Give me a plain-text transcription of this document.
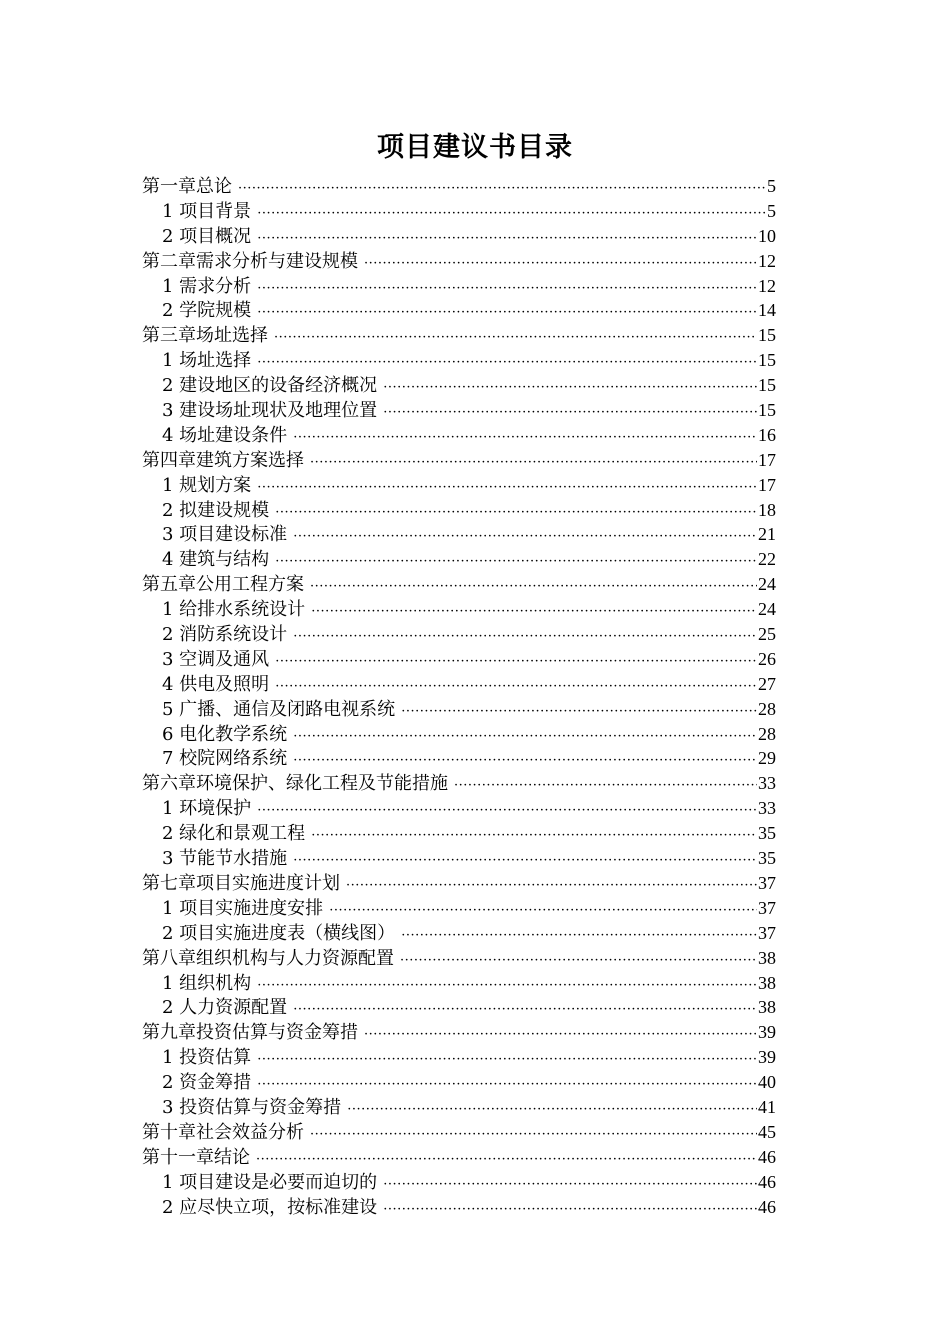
项目建议书目录
第一章总论 ·····	5
1 项目背景 ·····	5
2 项目概况 ·····	10
第二章需求分析与建设规模 ·····	12
1 需求分析 ·····	12
2 学院规模 ·····	14
第三章场址选择 ·····	15
1 场址选择 ·····	15
2 建设地区的设备经济概况 ·····	15
3 建设场址现状及地理位置 ·····	15
4 场址建设条件 ·····	16
第四章建筑方案选择 ·····	17
1 规划方案 ·····	17
2 拟建设规模 ·····	18
3 项目建设标准 ·····	21
4 建筑与结构 ·····	22
第五章公用工程方案 ·····	24
1 给排水系统设计 ·····	24
2 消防系统设计 ·····	25
3 空调及通风 ·····	26
4 供电及照明 ·····	27
5 广播、通信及闭路电视系统 ·····	28
6 电化教学系统 ·····	28
7 校院网络系统 ·····	29
第六章环境保护、绿化工程及节能措施 ·····	33
1 环境保护 ·····	33
2 绿化和景观工程 ·····	35
3 节能节水措施 ·····	35
第七章项目实施进度计划 ·····	37
1 项目实施进度安排 ·····	37
2 项目实施进度表（横线图） ·····	37
第八章组织机构与人力资源配置 ·····	38
1 组织机构 ·····	38
2 人力资源配置 ·····	38
第九章投资估算与资金筹措 ·····	39
1 投资估算 ·····	39
2 资金筹措 ·····	40
3 投资估算与资金筹措 ·····	41
第十章社会效益分析 ·····	45
第十一章结论 ·····	46
1 项目建设是必要而迫切的 ·····	46
2 应尽快立项，按标准建设 ·····	46
